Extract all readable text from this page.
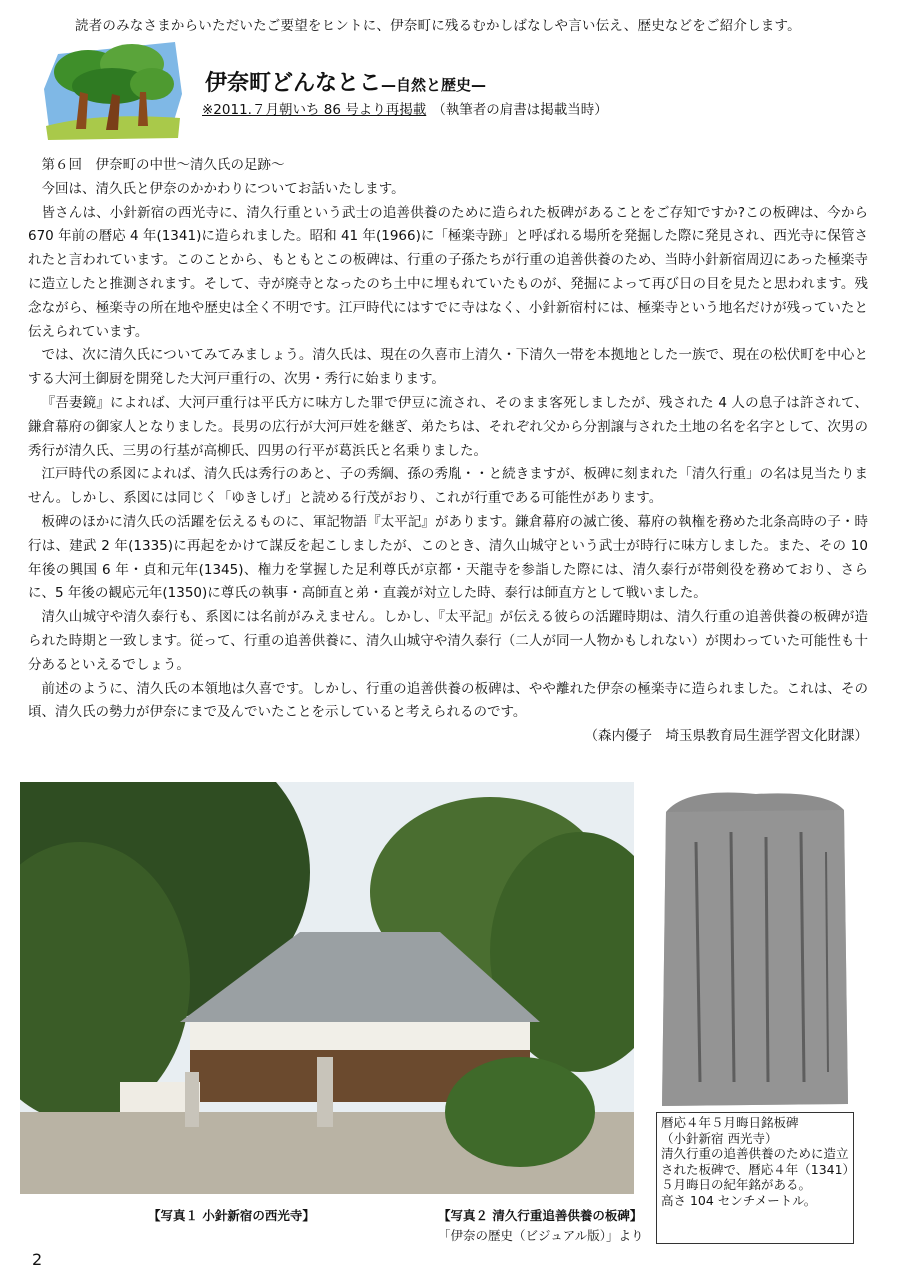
読者のみなさまからいただいたご要望をヒントに、伊奈町に残るむかしばなしや言い伝え、歴史などをご紹介します。
伊奈町どんなとこ—自然と歴史—
※2011.７月朝いち 86 号より再掲載 （執筆者の肩書は掲載当時）

第６回　伊奈町の中世～清久氏の足跡～

今回は、清久氏と伊奈のかかわりについてお話いたします。

皆さんは、小針新宿の西光寺に、清久行重という武士の追善供養のために造られた板碑があることをご存知ですか?この板碑は、今から 670 年前の暦応 4 年(1341)に造られました。昭和 41 年(1966)に「極楽寺跡」と呼ばれる場所を発掘した際に発見され、西光寺に保管されたと言われています。このことから、もともとこの板碑は、行重の子孫たちが行重の追善供養のため、当時小針新宿周辺にあった極楽寺に造立したと推測されます。そして、寺が廃寺となったのち土中に埋もれていたものが、発掘によって再び日の目を見たと思われます。残念ながら、極楽寺の所在地や歴史は全く不明です。江戸時代にはすでに寺はなく、小針新宿村には、極楽寺という地名だけが残っていたと伝えられています。

では、次に清久氏についてみてみましょう。清久氏は、現在の久喜市上清久・下清久一帯を本拠地とした一族で、現在の松伏町を中心とする大河土御厨を開発した大河戸重行の、次男・秀行に始まります。

『吾妻鏡』によれば、大河戸重行は平氏方に味方した罪で伊豆に流され、そのまま客死しましたが、残された 4 人の息子は許されて、鎌倉幕府の御家人となりました。長男の広行が大河戸姓を継ぎ、弟たちは、それぞれ父から分割譲与された土地の名を名字として、次男の秀行が清久氏、三男の行基が高柳氏、四男の行平が葛浜氏と名乗りました。

江戸時代の系図によれば、清久氏は秀行のあと、子の秀綱、孫の秀胤・・と続きますが、板碑に刻まれた「清久行重」の名は見当たりません。しかし、系図には同じく「ゆきしげ」と読める行茂がおり、これが行重である可能性があります。

板碑のほかに清久氏の活躍を伝えるものに、軍記物語『太平記』があります。鎌倉幕府の滅亡後、幕府の執権を務めた北条高時の子・時行は、建武 2 年(1335)に再起をかけて謀反を起こしましたが、このとき、清久山城守という武士が時行に味方しました。また、その 10 年後の興国 6 年・貞和元年(1345)、権力を掌握した足利尊氏が京都・天龍寺を参詣した際には、清久泰行が帯剣役を務めており、さらに、5 年後の観応元年(1350)に尊氏の執事・高師直と弟・直義が対立した時、泰行は師直方として戦いました。

清久山城守や清久泰行も、系図には名前がみえません。しかし、『太平記』が伝える彼らの活躍時期は、清久行重の追善供養の板碑が造られた時期と一致します。従って、行重の追善供養に、清久山城守や清久泰行（二人が同一人物かもしれない）が関わっていた可能性も十分あるといえるでしょう。

前述のように、清久氏の本領地は久喜です。しかし、行重の追善供養の板碑は、やや離れた伊奈の極楽寺に造られました。これは、その頃、清久氏の勢力が伊奈にまで及んでいたことを示していると考えられるのです。

（森内優子　埼玉県教育局生涯学習文化財課）

暦応４年５月晦日銘板碑
（小針新宿 西光寺）
清久行重の追善供養のために造立された板碑で、暦応４年（1341）５月晦日の紀年銘がある。
高さ 104 センチメートル。
【写真１ 小針新宿の西光寺】	【写真２ 清久行重追善供養の板碑】
「伊奈の歴史（ビジュアル版）」より
2
